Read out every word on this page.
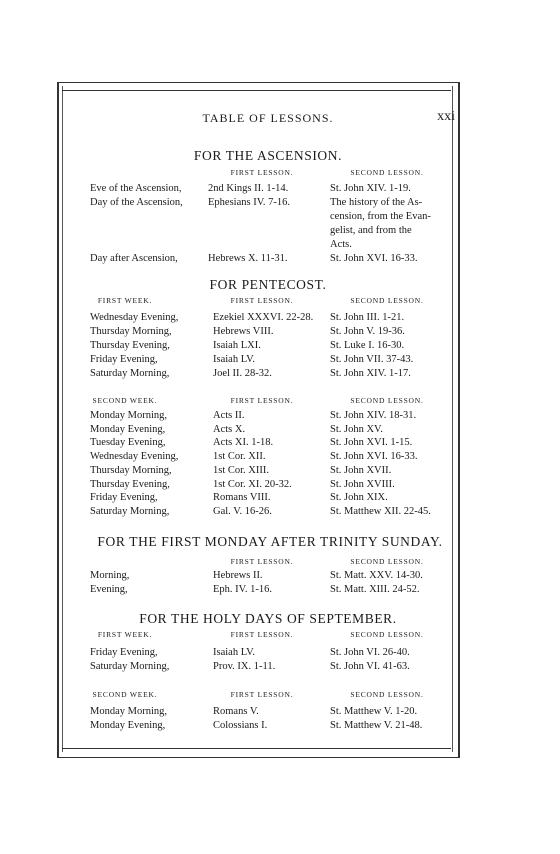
TABLE OF LESSONS.	xxi
FOR THE ASCENSION.
FIRST LESSON.	SECOND LESSON.
Eve of the Ascension,	2nd Kings II. 1-14.	St. John XIV. 1-19.
Day of the Ascension, Ephesians IV. 7-16.	The history of the As-
cension, from the Evan-
gelist, and from the
Acts.
Day after Ascension,	Hebrews X. 11-31.	St. John XVI. 16-33.
FOR PENTECOST.
FIRST WEEK.	FIRST LESSON.	SECOND LESSON.
Wednesday Evening,	Ezekiel XXXVI. 22-28. St. John III. 1-21.
Thursday Morning,	Hebrews VIII.	St. John V. 19-36.
Thursday Evening,	Isaiah LXI.	St. Luke I. 16-30.
Friday Evening,	Isaiah LV.	St. John VII. 37-43.
Saturday Morning,	Joel II. 28-32.	St. John XIV. 1-17.
SECOND WEEK.	FIRST LESSON.	SECOND LESSON.
Monday Morning,	Acts II.	St. John XIV. 18-31.
Monday Evening,	Acts X.	St. John XV.
Tuesday Evening,	Acts XI. 1-18.	St. John XVI. 1-15.
Wednesday Evening,	1st Cor. XII.	St. John XVI. 16-33.
Thursday Morning,	1st Cor. XIII.	St. John XVII.
Thursday Evening,	1st Cor. XI. 20-32.	St. John XVIII.
Friday Evening,	Romans VIII.	St. John XIX.
Saturday Morning,	Gal. V. 16-26.	St. Matthew XII. 22-45.
FOR THE FIRST MONDAY AFTER TRINITY SUNDAY.
FIRST LESSON.	SECOND LESSON.
Morning,	Hebrews II.	St. Matt. XXV. 14-30.
Evening,	Eph. IV. 1-16.	St. Matt. XIII. 24-52.
FOR THE HOLY DAYS OF SEPTEMBER.
FIRST WEEK.	FIRST LESSON.	SECOND LESSON.
Friday Evening,	Isaiah LV.	St. John VI. 26-40.
Saturday Morning,	Prov. IX. 1-11.	St. John VI. 41-63.
SECOND WEEK.	FIRST LESSON.	SECOND LESSON.
Monday Morning,	Romans V.	St. Matthew V. 1-20.
Monday Evening,	Colossians I.	St. Matthew V. 21-48.
